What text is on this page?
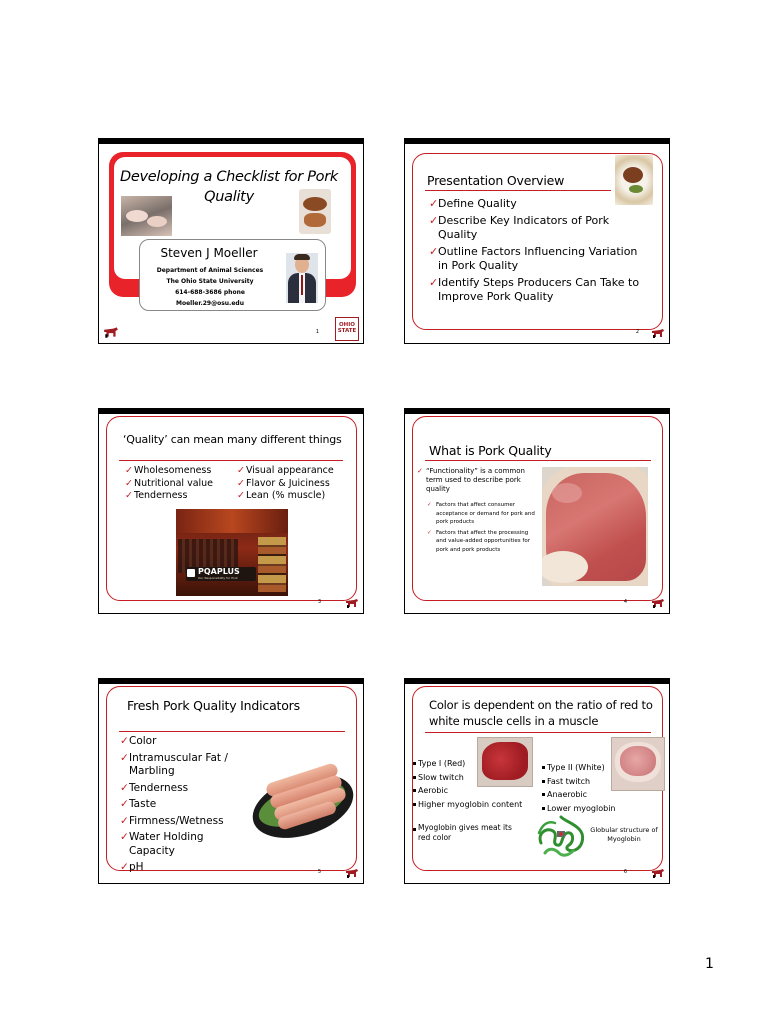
Developing a Checklist for Pork Quality
Steven J Moeller
Department of Animal Sciences
The Ohio State University
614-688-3686 phone
Moeller.29@osu.edu
1
OHIO STATE
Presentation Overview
✓ Define Quality
✓ Describe Key Indicators of Pork Quality
✓ Outline Factors Influencing Variation in Pork Quality
✓ Identify Steps Producers Can Take to Improve Pork Quality
2
‘Quality’ can mean many different things
✓ Wholesomeness
✓ Nutritional value
✓ Tenderness
✓ Visual appearance
✓ Flavor & Juiciness
✓ Lean (% muscle)
PQAPLUS
Our Responsibility for Pork
3
What is Pork Quality
✓ “Functionality” is a common term used to describe pork quality
✓ Factors that affect consumer acceptance or demand for pork and pork products
✓ Factors that affect the processing and value-added opportunities for pork and pork products
4
Fresh Pork Quality Indicators
✓ Color
✓ Intramuscular Fat / Marbling
✓ Tenderness
✓ Taste
✓ Firmness/Wetness
✓ Water Holding Capacity
✓ pH	5
Color is dependent on the ratio of red to white muscle cells in a muscle
Type I (Red)
Slow twitch
Aerobic
Higher myoglobin content
Type II (White)
Fast twitch
Anaerobic
Lower myoglobin
Myoglobin gives meat its red color
Globular structure of Myoglobin
6
1
